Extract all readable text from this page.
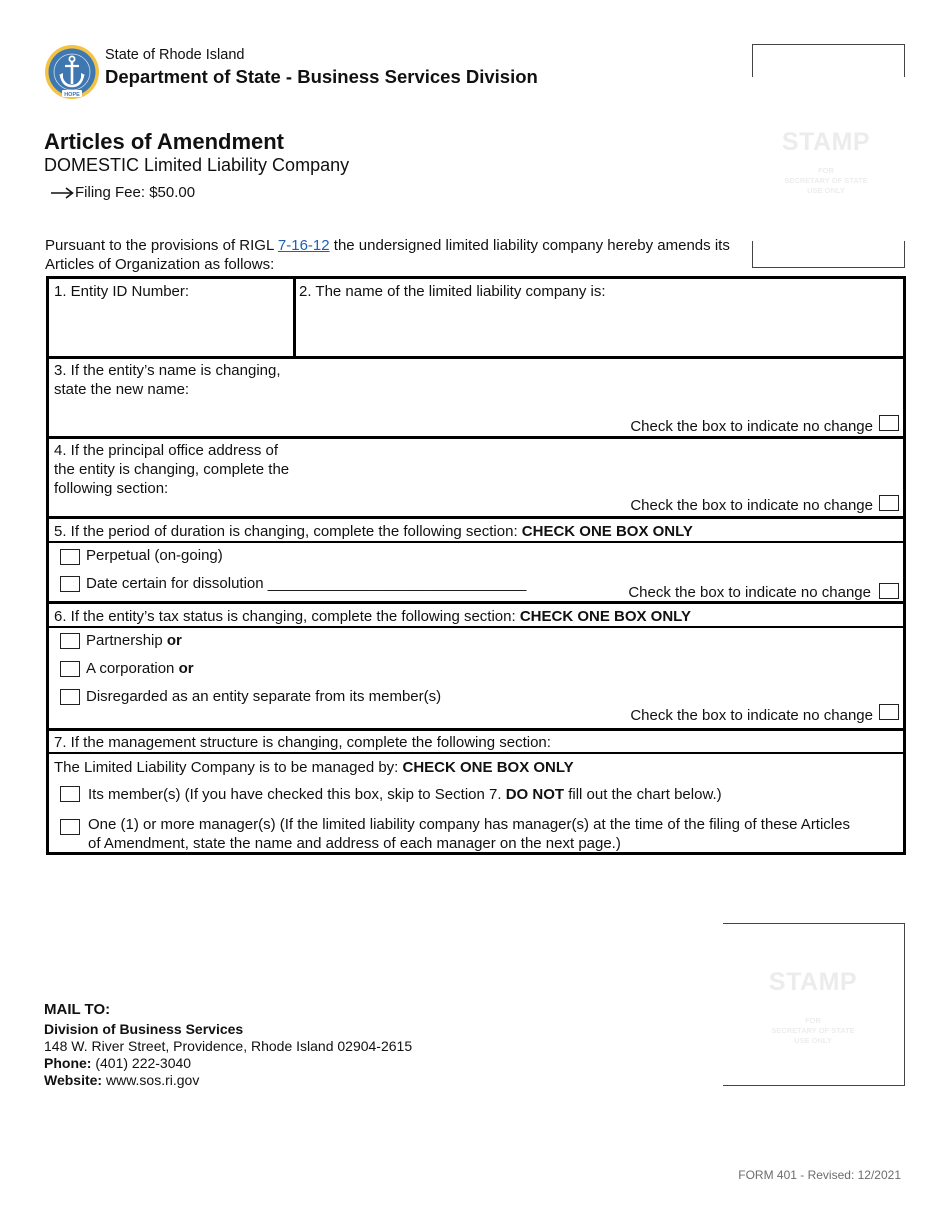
HOPE
State of Rhode Island
Department of State - Business Services Division
Articles of Amendment
DOMESTIC Limited Liability Company
Filing Fee: $50.00
STAMP
FOR
SECRETARY OF STATE
USE ONLY
Pursuant to the provisions of RIGL 7-16-12 the undersigned limited liability company hereby amends its Articles of Organization as follows:
1. Entity ID Number:	2. The name of the limited liability company is:
3. If the entity’s name is changing,
state the new name:
Check the box to indicate no change
4. If the principal office address of
the entity is changing, complete the
following section:
Check the box to indicate no change
5. If the period of duration is changing, complete the following section: CHECK ONE BOX ONLY
Perpetual (on-going)
Date certain for dissolution _______________________________
Check the box to indicate no change
6. If the entity’s tax status is changing, complete the following section: CHECK ONE BOX ONLY
Partnership or
A corporation or
Disregarded as an entity separate from its member(s)
Check the box to indicate no change
7. If the management structure is changing, complete the following section:
The Limited Liability Company is to be managed by: CHECK ONE BOX ONLY
Its member(s) (If you have checked this box, skip to Section 7. DO NOT fill out the chart below.)
One (1) or more manager(s) (If the limited liability company has manager(s) at the time of the filing of these Articles
of Amendment, state the name and address of each manager on the next page.)
MAIL TO:
Division of Business Services
148 W. River Street, Providence, Rhode Island 02904-2615
Phone: (401) 222-3040
Website: www.sos.ri.gov
STAMP
FOR
SECRETARY OF STATE
USE ONLY
FORM 401 - Revised: 12/2021
